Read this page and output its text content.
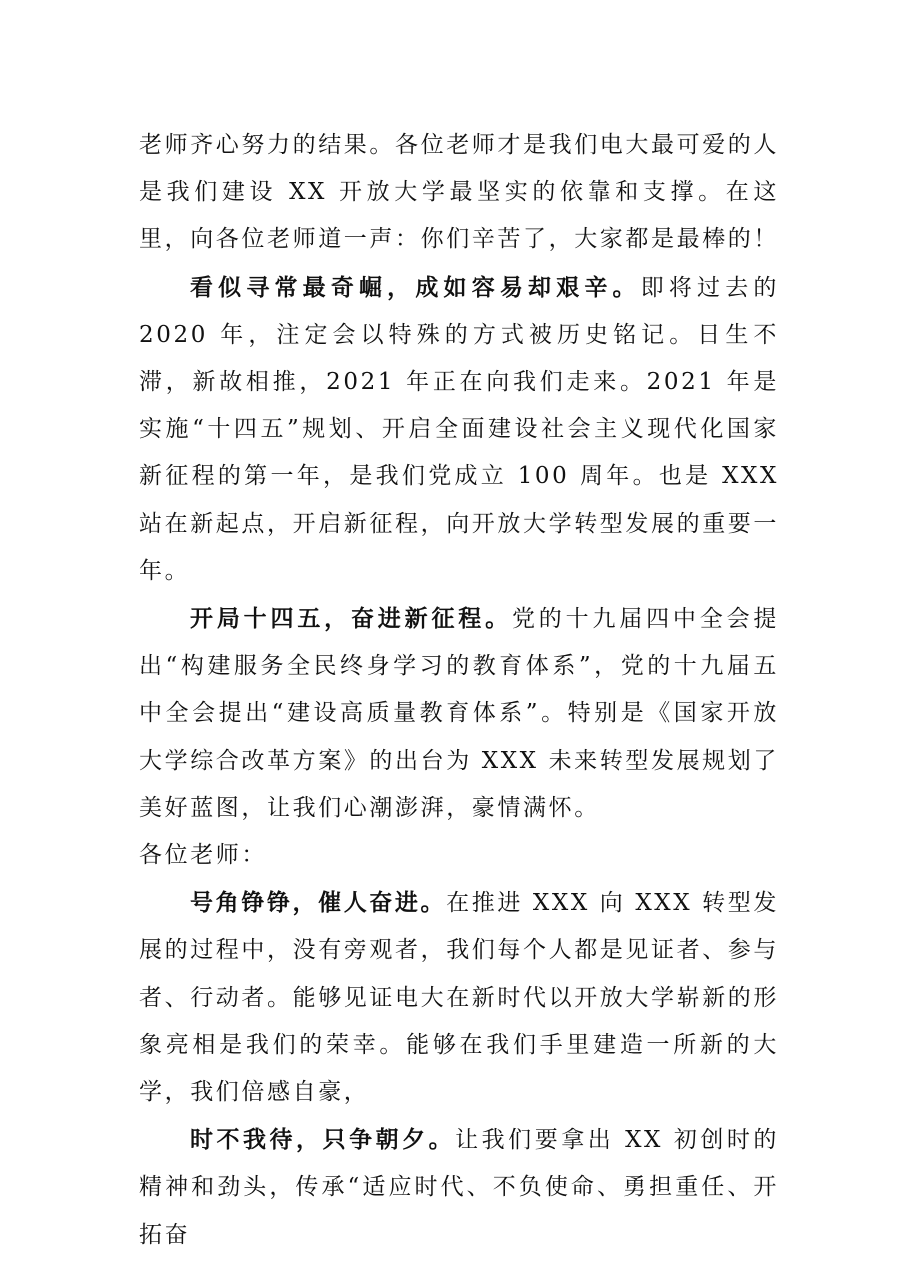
老师齐心努力的结果。各位老师才是我们电大最可爱的人是我们建设 XX 开放大学最坚实的依靠和支撑。在这里，向各位老师道一声：你们辛苦了，大家都是最棒的！

看似寻常最奇崛，成如容易却艰辛。即将过去的 2020 年，注定会以特殊的方式被历史铭记。日生不滞，新故相推，2021 年正在向我们走来。2021 年是实施“十四五”规划、开启全面建设社会主义现代化国家新征程的第一年，是我们党成立 100 周年。也是 XXX 站在新起点，开启新征程，向开放大学转型发展的重要一年。

开局十四五，奋进新征程。党的十九届四中全会提出“构建服务全民终身学习的教育体系”，党的十九届五中全会提出“建设高质量教育体系”。特别是《国家开放大学综合改革方案》的出台为 XXX 未来转型发展规划了美好蓝图，让我们心潮澎湃，豪情满怀。

各位老师：

号角铮铮，催人奋进。在推进 XXX 向 XXX 转型发展的过程中，没有旁观者，我们每个人都是见证者、参与者、行动者。能够见证电大在新时代以开放大学崭新的形象亮相是我们的荣幸。能够在我们手里建造一所新的大学，我们倍感自豪，

时不我待，只争朝夕。让我们要拿出 XX 初创时的精神和劲头，传承“适应时代、不负使命、勇担重任、开拓奋
